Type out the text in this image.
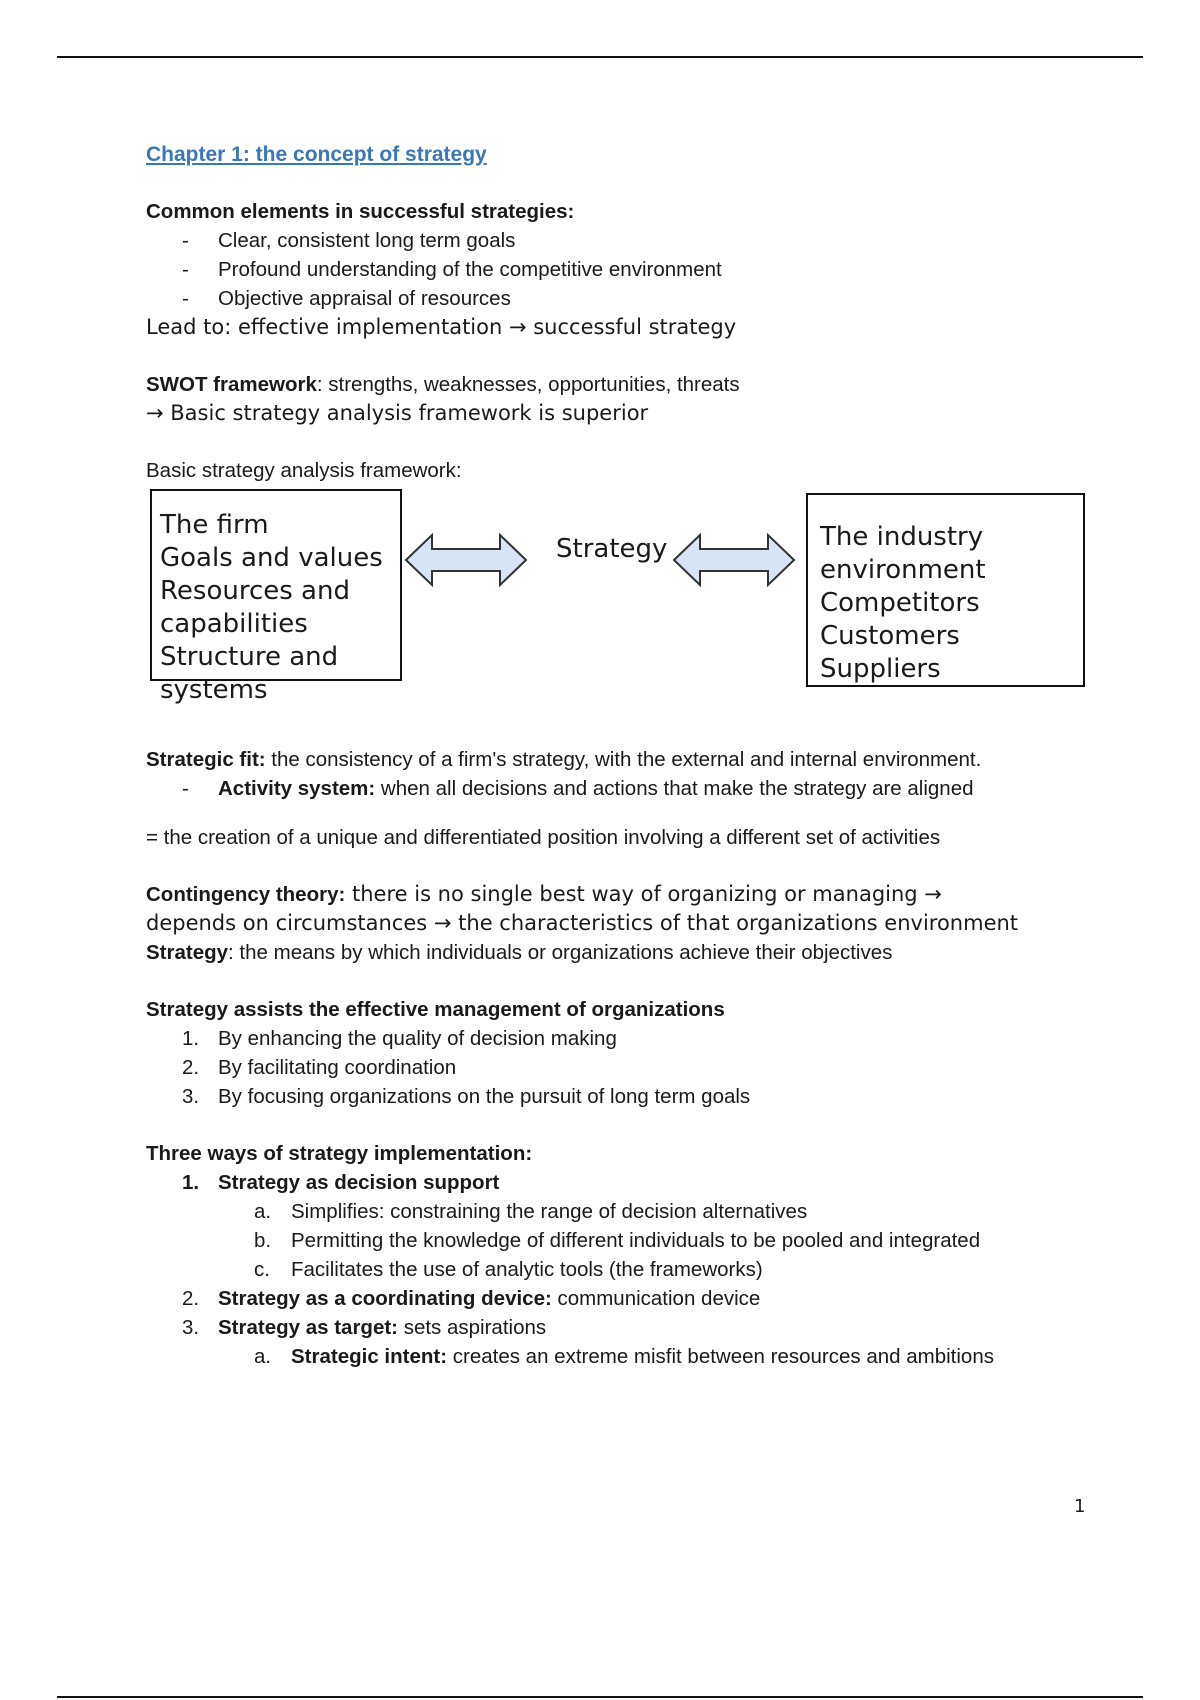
Chapter 1: the concept of strategy
Common elements in successful strategies:
- Clear, consistent long term goals
- Profound understanding of the competitive environment
- Objective appraisal of resources
Lead to: effective implementation → successful strategy
SWOT framework: strengths, weaknesses, opportunities, threats
→ Basic strategy analysis framework is superior
Basic strategy analysis framework:
The firm
Goals and values
Resources and
capabilities
Structure and
systems
Strategy	The industry
environment
Competitors
Customers
Suppliers
Strategic fit: the consistency of a firm's strategy, with the external and internal environment.
- Activity system: when all decisions and actions that make the strategy are aligned
= the creation of a unique and differentiated position involving a different set of activities
Contingency theory: there is no single best way of organizing or managing →
depends on circumstances → the characteristics of that organizations environment
Strategy: the means by which individuals or organizations achieve their objectives
Strategy assists the effective management of organizations
1. By enhancing the quality of decision making
2. By facilitating coordination
3. By focusing organizations on the pursuit of long term goals
Three ways of strategy implementation:
1. Strategy as decision support
a. Simplifies: constraining the range of decision alternatives
b. Permitting the knowledge of different individuals to be pooled and integrated
c. Facilitates the use of analytic tools (the frameworks)
2. Strategy as a coordinating device: communication device
3. Strategy as target: sets aspirations
a. Strategic intent: creates an extreme misfit between resources and ambitions
1
